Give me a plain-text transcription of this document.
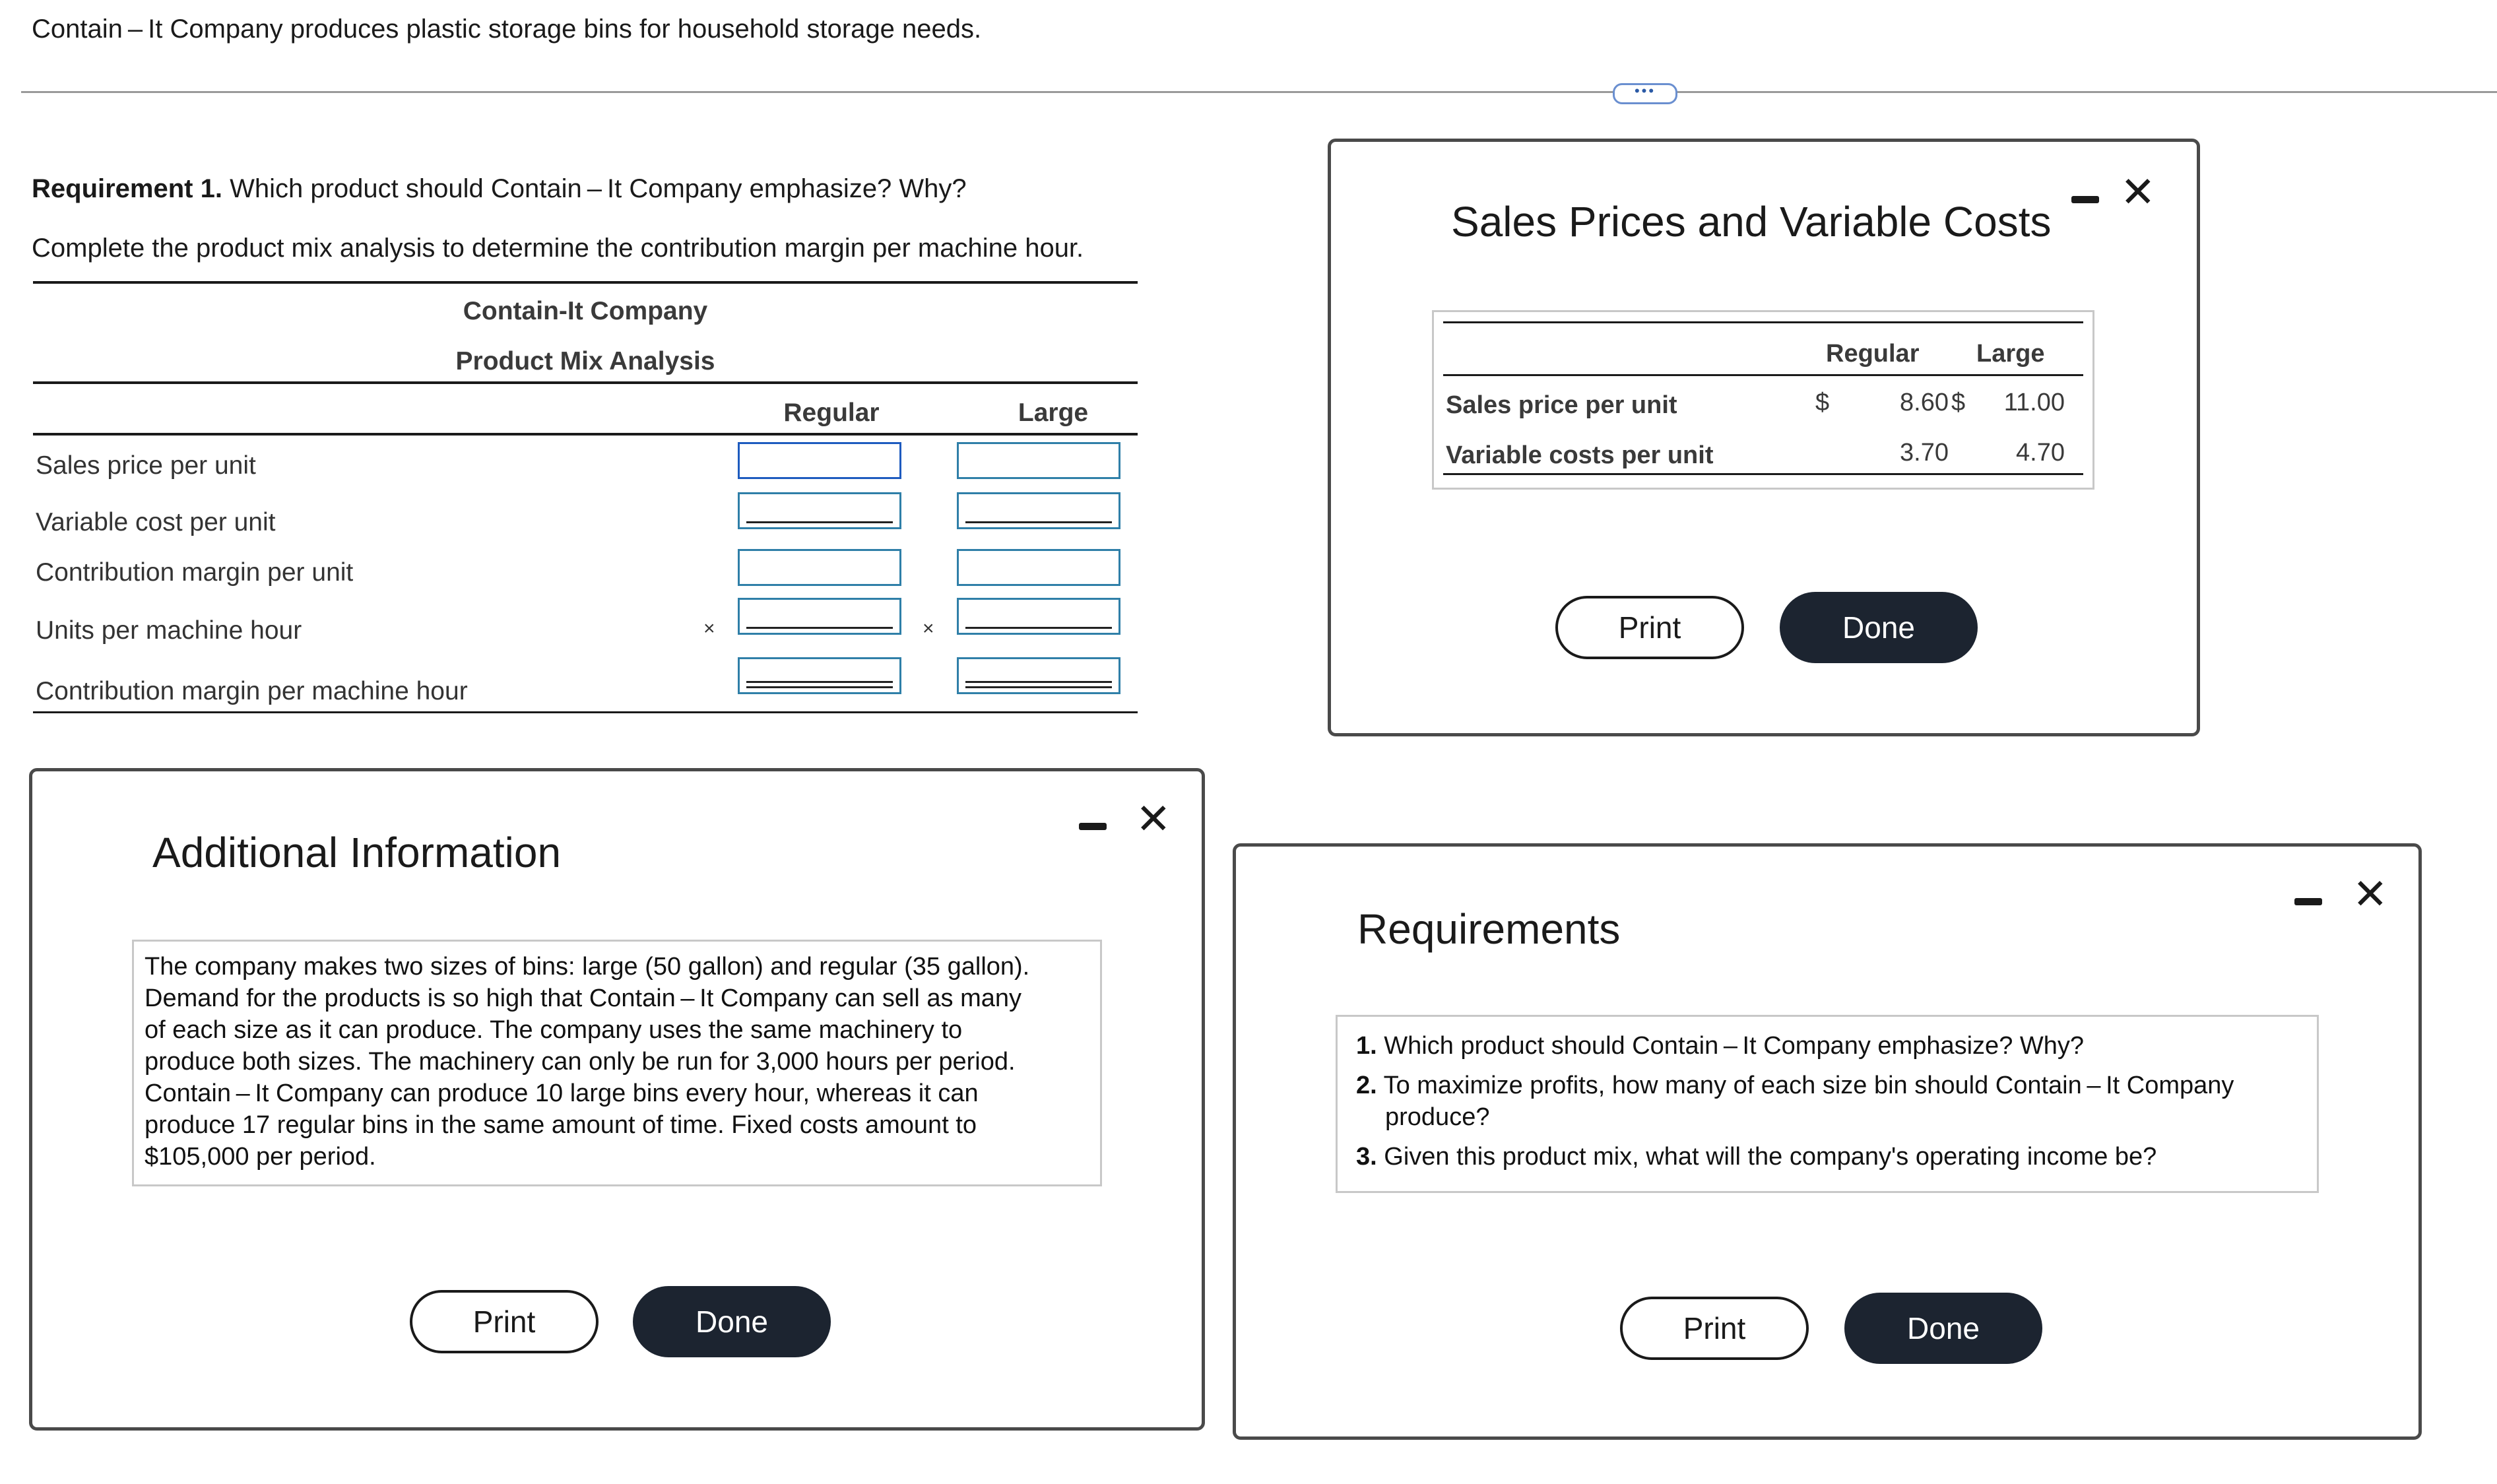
Contain – It Company produces plastic storage bins for household storage needs.
•••
Requirement 1. Which product should Contain – It Company emphasize? Why?
Complete the product mix analysis to determine the contribution margin per machine hour.
Contain-It Company
Product Mix Analysis
Regular	Large
Sales price per unit
Variable cost per unit
Contribution margin per unit
Units per machine hour
Contribution margin per machine hour
×	×
Sales Prices and Variable Costs
✕
Print	Done
Regular Large
Sales price per unit	$	8.60 $	11.00
Variable costs per unit	3.70	4.70
Additional Information
✕
Print	Done
The company makes two sizes of bins: large (50 gallon) and regular (35 gallon).
Demand for the products is so high that Contain – It Company can sell as many
of each size as it can produce. The company uses the same machinery to
produce both sizes. The machinery can only be run for 3,000 hours per period.
Contain – It Company can produce 10 large bins every hour, whereas it can
produce 17 regular bins in the same amount of time. Fixed costs amount to
$105,000 per period.
Requirements
✕
Print	Done
1. Which product should Contain – It Company emphasize? Why?
2. To maximize profits, how many of each size bin should Contain – It Company
produce?
3. Given this product mix, what will the company's operating income be?
